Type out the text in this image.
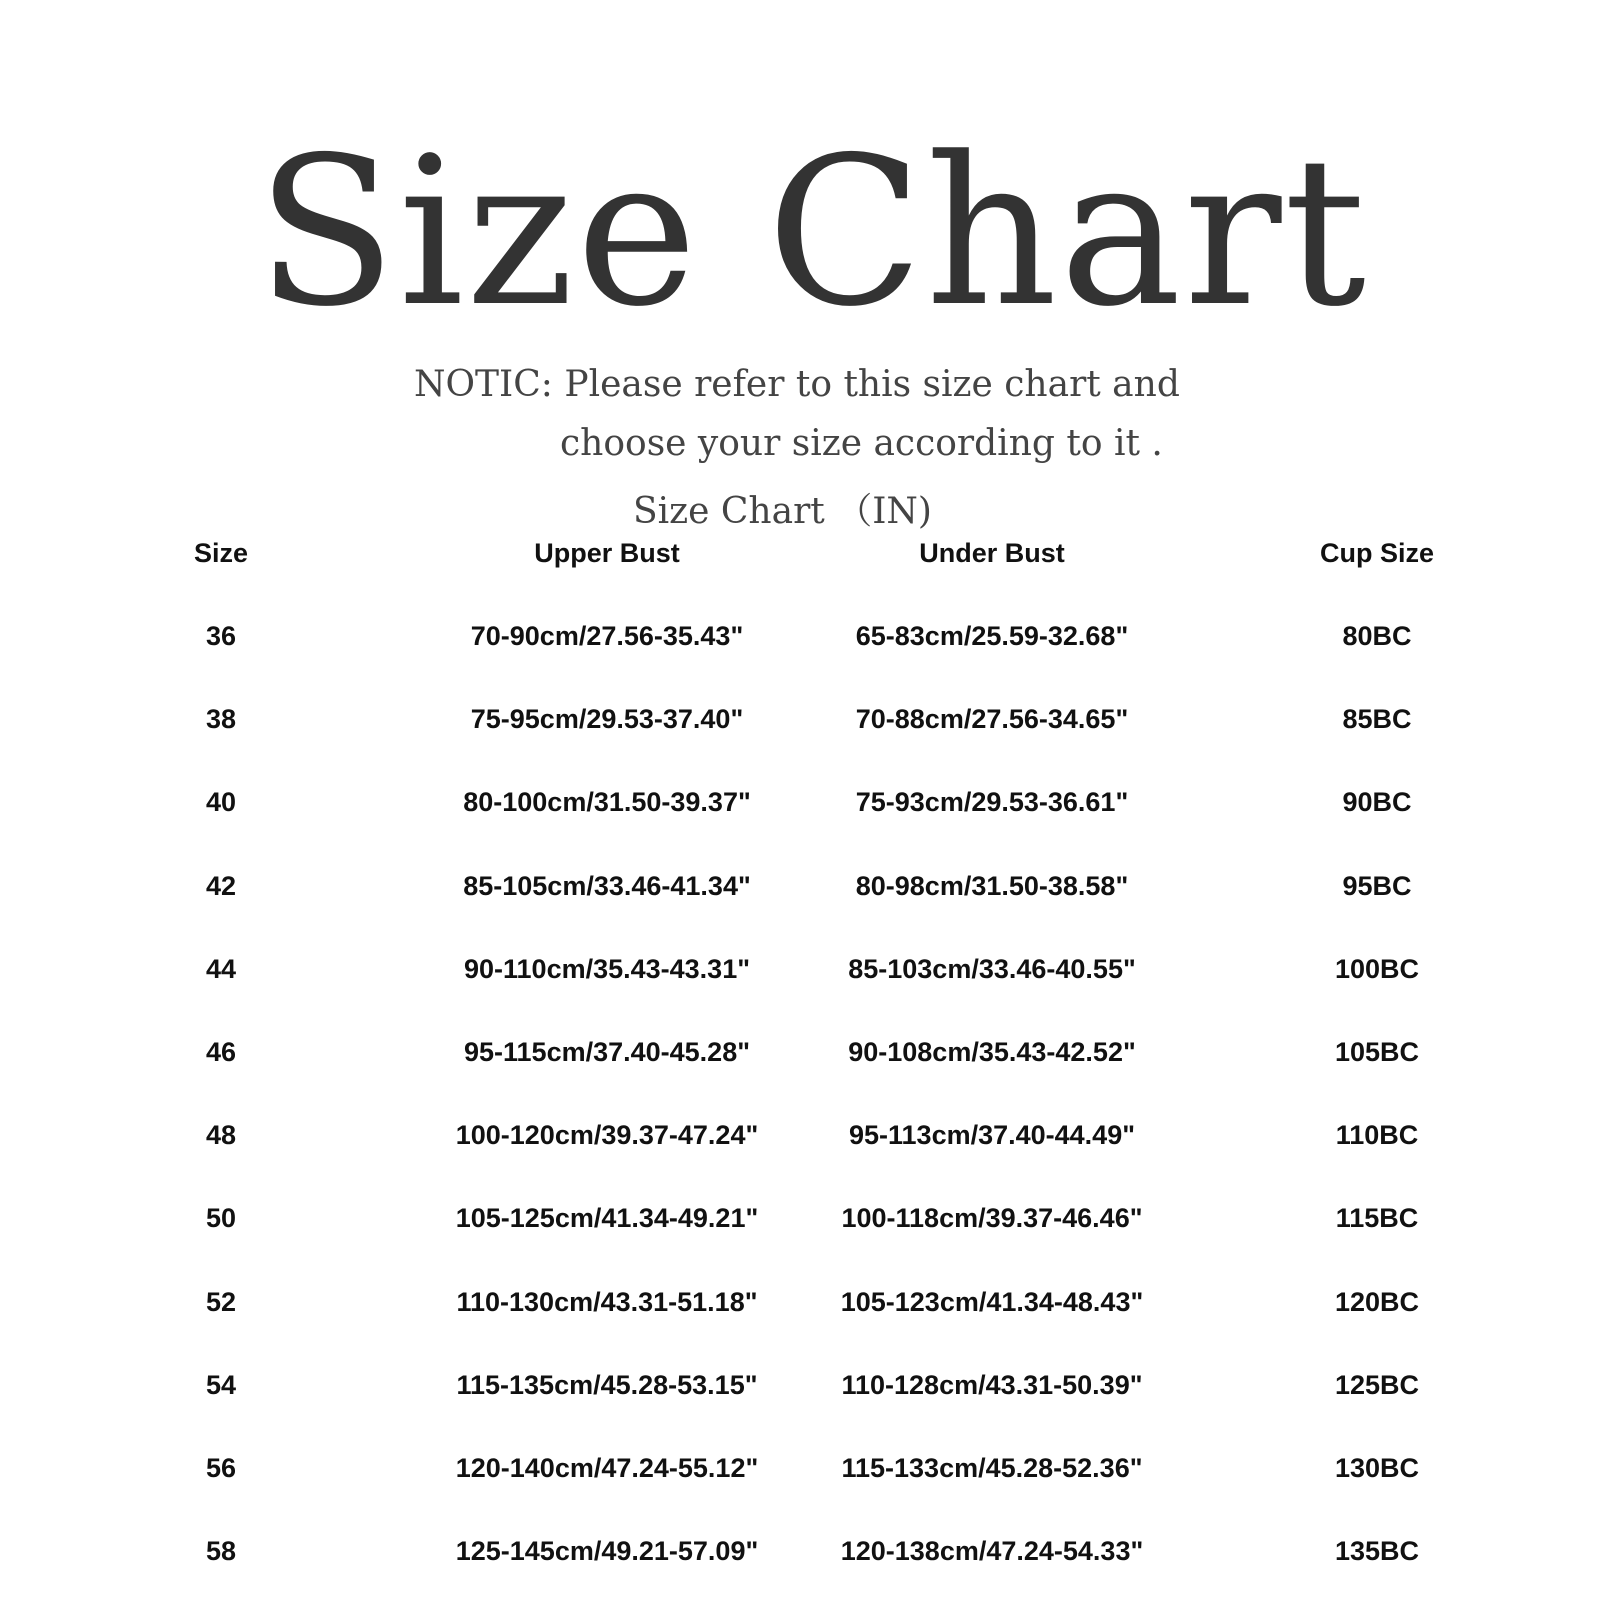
Size Chart
NOTIC: Please refer to this size chart and
choose your size according to it .
Size Chart （IN)
Size	Upper Bust	Under Bust	Cup Size
36	70-90cm/27.56-35.43"	65-83cm/25.59-32.68"	80BC
38	75-95cm/29.53-37.40"	70-88cm/27.56-34.65"	85BC
40	80-100cm/31.50-39.37"	75-93cm/29.53-36.61"	90BC
42	85-105cm/33.46-41.34"	80-98cm/31.50-38.58"	95BC
44	90-110cm/35.43-43.31"	85-103cm/33.46-40.55"	100BC
46	95-115cm/37.40-45.28"	90-108cm/35.43-42.52"	105BC
48	100-120cm/39.37-47.24"	95-113cm/37.40-44.49"	110BC
50	105-125cm/41.34-49.21"	100-118cm/39.37-46.46"	115BC
52	110-130cm/43.31-51.18"	105-123cm/41.34-48.43"	120BC
54	115-135cm/45.28-53.15"	110-128cm/43.31-50.39"	125BC
56	120-140cm/47.24-55.12"	115-133cm/45.28-52.36"	130BC
58	125-145cm/49.21-57.09"	120-138cm/47.24-54.33"	135BC
